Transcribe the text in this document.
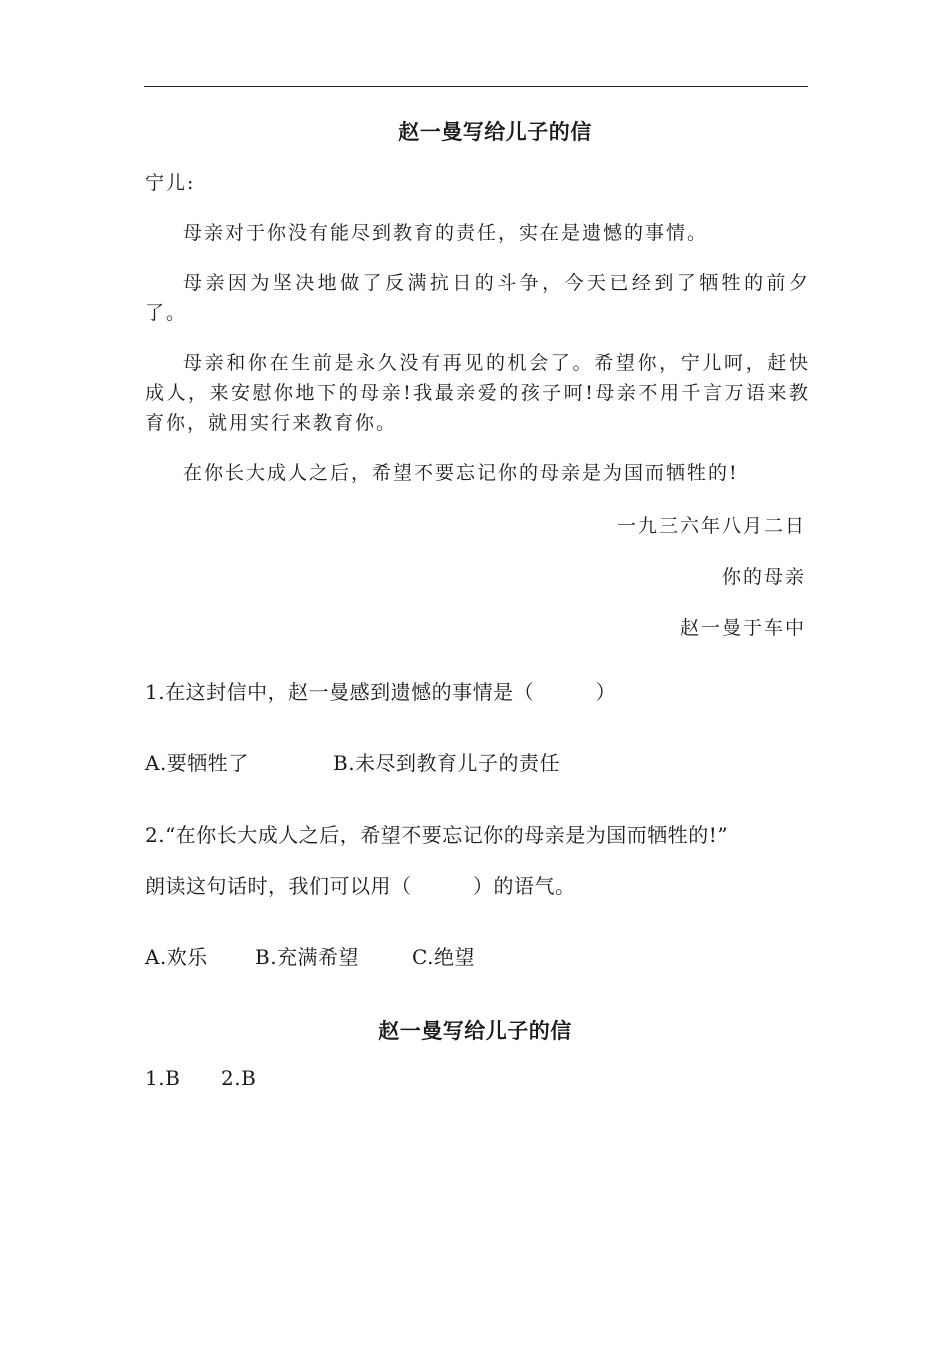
赵一曼写给儿子的信
宁儿:
母亲对于你没有能尽到教育的责任，实在是遗憾的事情。
母亲因为坚决地做了反满抗日的斗争，今天已经到了牺牲的前夕了。
母亲和你在生前是永久没有再见的机会了。希望你，宁儿呵，赶快成人，来安慰你地下的母亲!我最亲爱的孩子呵!母亲不用千言万语来教育你，就用实行来教育你。
在你长大成人之后，希望不要忘记你的母亲是为国而牺牲的!
一九三六年八月二日
你的母亲
赵一曼于车中
1.在这封信中，赵一曼感到遗憾的事情是（　　　）
A.要牺牲了	B.未尽到教育儿子的责任
2.“在你长大成人之后，希望不要忘记你的母亲是为国而牺牲的!”
朗读这句话时，我们可以用（　　　）的语气。
A.欢乐 B.充满希望	C.绝望
赵一曼写给儿子的信
1.B 2.B
